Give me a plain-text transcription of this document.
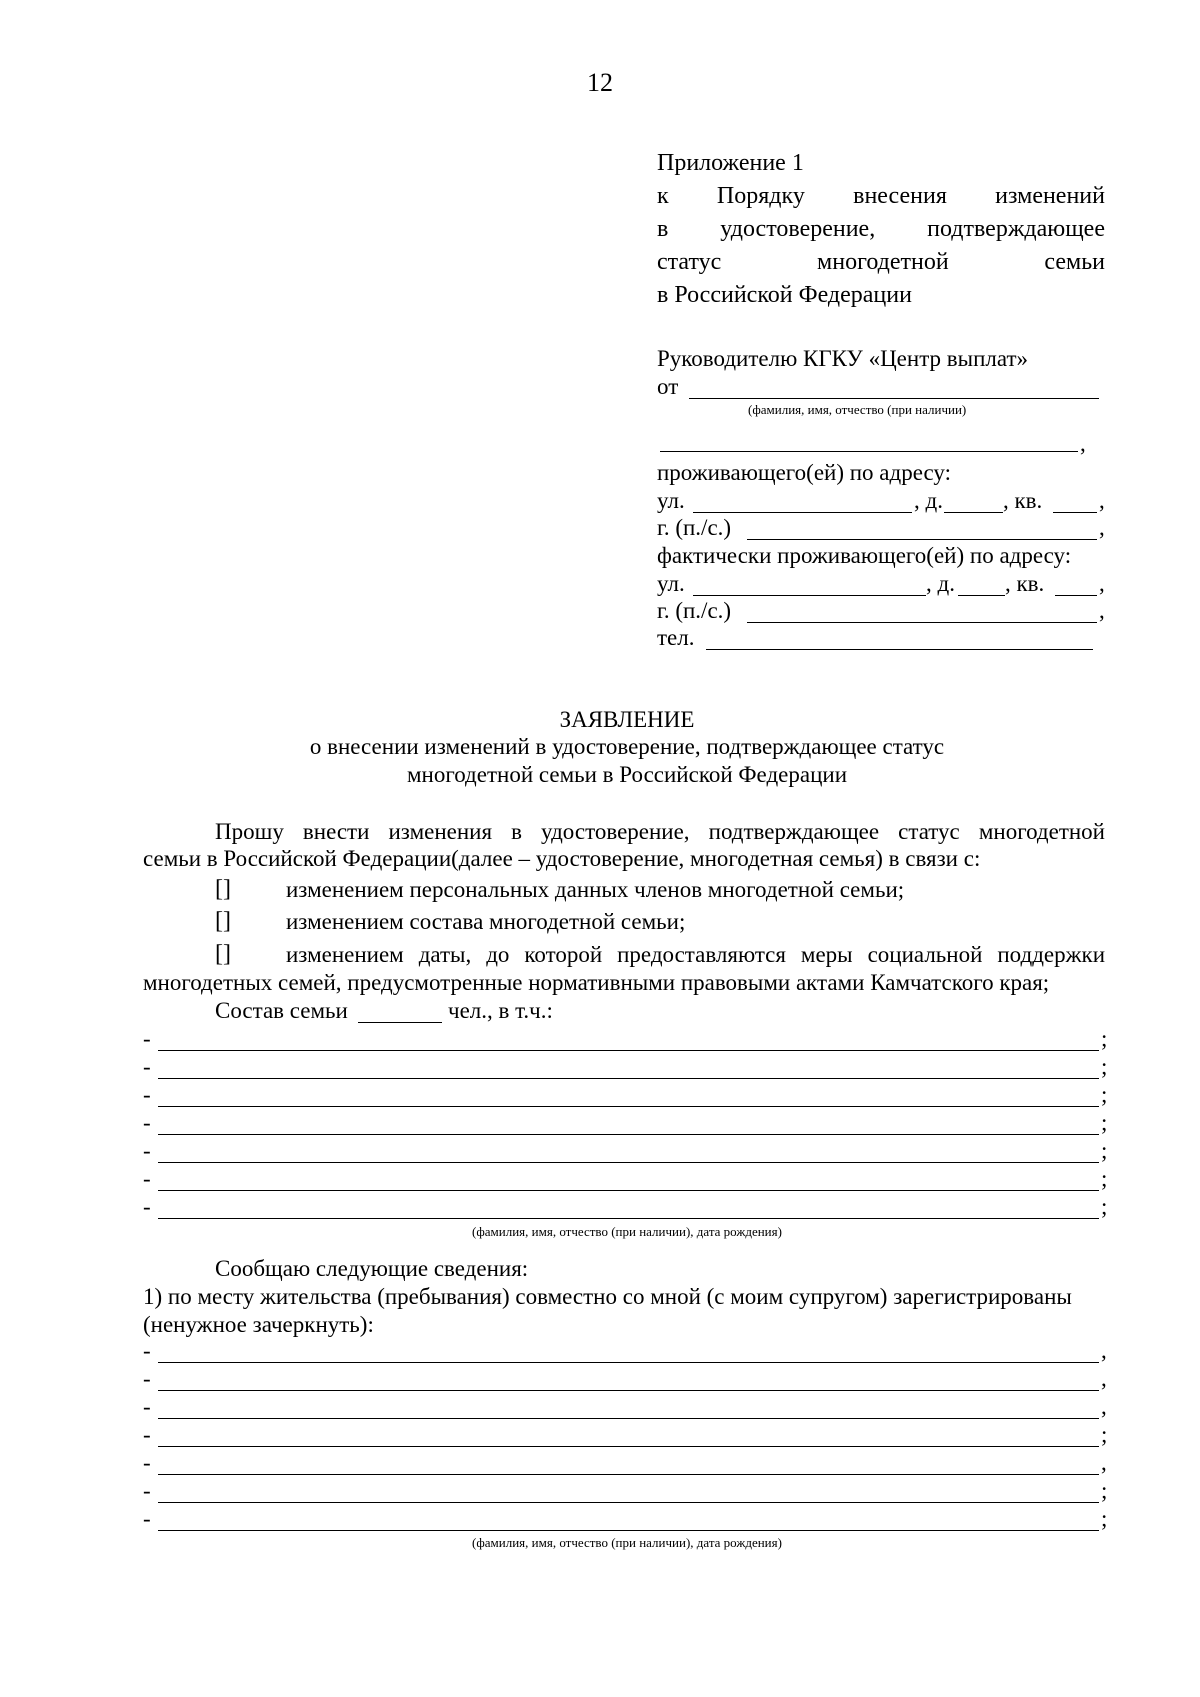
12
Приложение 1
к Порядку внесения изменений
в удостоверение, подтверждающее
статус многодетной семьи
в Российской Федерации
Руководителю КГКУ «Центр выплат»
от
(фамилия, имя, отчество (при наличии)
,
проживающего(ей) по адресу:
ул.	, д.	, кв. ,
г. (п./с.)	,
фактически проживающего(ей) по адресу:
ул.	, д. , кв. ,
г. (п./с.)	,
тел.
ЗАЯВЛЕНИЕ
о внесении изменений в удостоверение, подтверждающее статус
многодетной семьи в Российской Федерации
Прошу внести изменения в удостоверение, подтверждающее статус многодетной
семьи в Российской Федерации(далее – удостоверение, многодетная семья) в связи с:
[] изменением персональных данных членов многодетной семьи;
[] изменением состава многодетной семьи;
[] изменением даты, до которой предоставляются меры социальной поддержки
многодетных семей, предусмотренные нормативными правовыми актами Камчатского края;
Состав семьи	чел., в т.ч.:
-	;
-	;
-	;
-	;
-	;
-	;
-	;
(фамилия, имя, отчество (при наличии), дата рождения)
Сообщаю следующие сведения:
1) по месту жительства (пребывания) совместно со мной (с моим супругом) зарегистрированы
(ненужное зачеркнуть):
-	,
-	,
-	,
-	;
-	,
-	;
-	;
(фамилия, имя, отчество (при наличии), дата рождения)
